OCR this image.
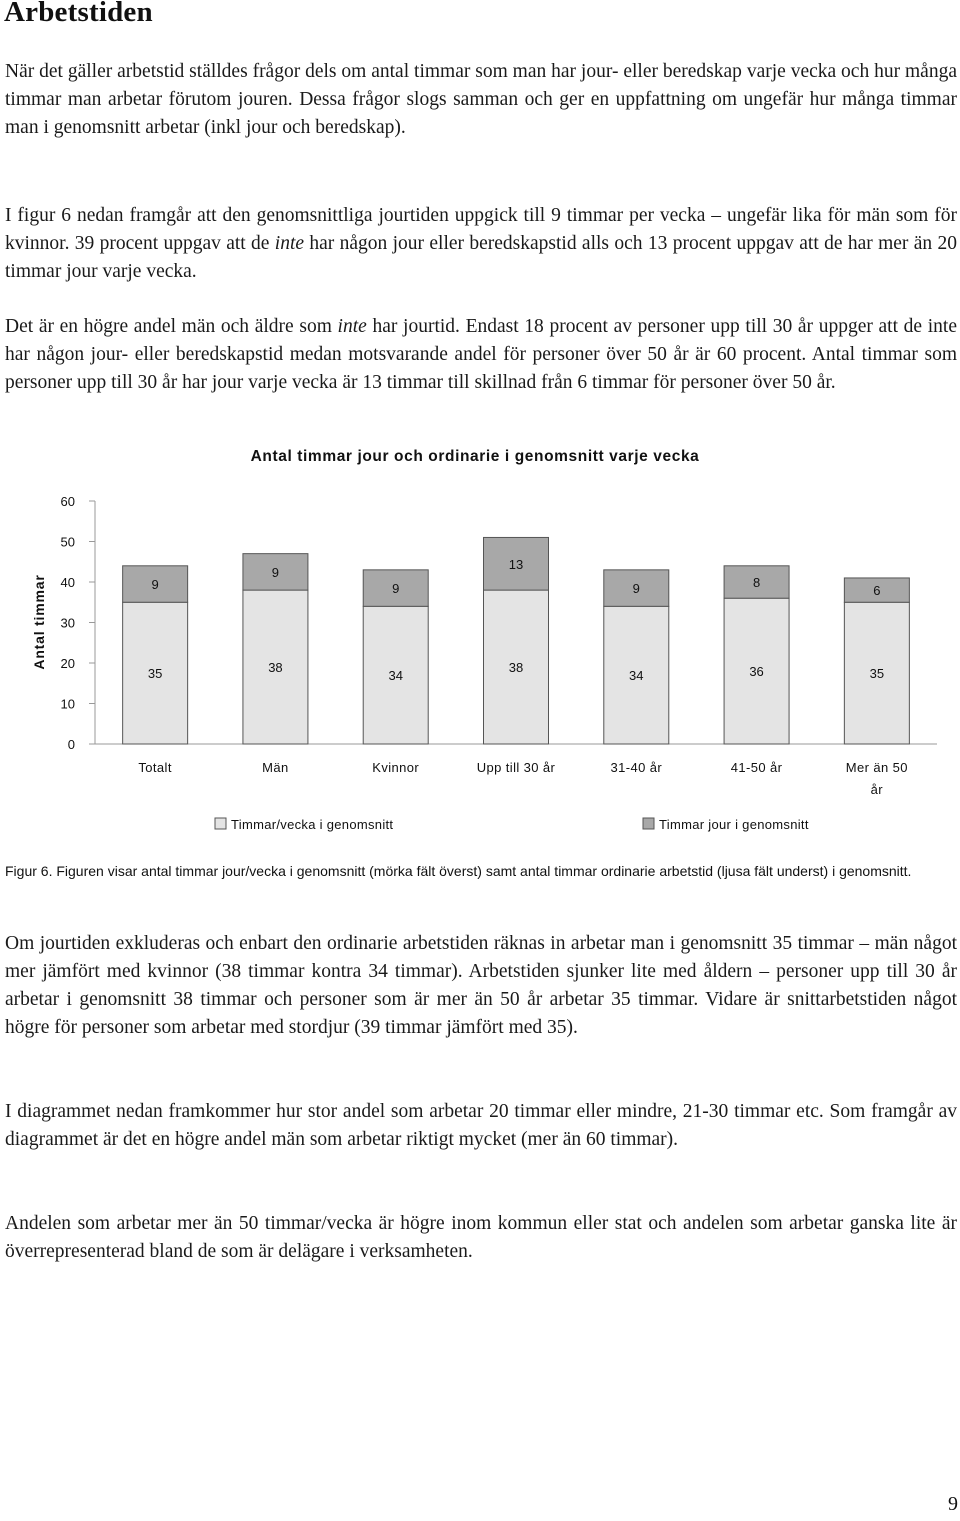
Arbetstiden

När det gäller arbetstid ställdes frågor dels om antal timmar som man har jour- eller beredskap varje vecka och hur många timmar man arbetar förutom jouren. Dessa frågor slogs samman och ger en uppfattning om ungefär hur många timmar man i genomsnitt arbetar (inkl jour och beredskap).

I figur 6 nedan framgår att den genomsnittliga jourtiden uppgick till 9 timmar per vecka – ungefär lika för män som för kvinnor. 39 procent uppgav att de inte har någon jour eller beredskapstid alls och 13 procent uppgav att de har mer än 20 timmar jour varje vecka.

Det är en högre andel män och äldre som inte har jourtid. Endast 18 procent av personer upp till 30 år uppger att de inte har någon jour- eller beredskapstid medan motsvarande andel för personer över 50 år är 60 procent. Antal timmar som personer upp till 30 år har jour varje vecka är 13 timmar till skillnad från 6 timmar för personer över 50 år.

Antal timmar jour och ordinarie i genomsnitt varje vecka
Antal timmar
0
10
20
30
40
50
60
35
9
Totalt
38
9
Män
34
9
Kvinnor
38
13
Upp till 30 år
34
9
31-40 år
36
8
41-50 år
35
6
Mer än 50
år
Timmar/vecka i genomsnitt	Timmar jour i genomsnitt

Figur 6. Figuren visar antal timmar jour/vecka i genomsnitt (mörka fält överst) samt antal timmar ordinarie arbetstid (ljusa fält underst) i genomsnitt.

Om jourtiden exkluderas och enbart den ordinarie arbetstiden räknas in arbetar man i genomsnitt 35 timmar – män något mer jämfört med kvinnor (38 timmar kontra 34 timmar). Arbetstiden sjunker lite med åldern – personer upp till 30 år arbetar i genomsnitt 38 timmar och personer som är mer än 50 år arbetar 35 timmar. Vidare är snittarbetstiden något högre för personer som arbetar med stordjur (39 timmar jämfört med 35).

I diagrammet nedan framkommer hur stor andel som arbetar 20 timmar eller mindre, 21-30 timmar etc. Som framgår av diagrammet är det en högre andel män som arbetar riktigt mycket (mer än 60 timmar).

Andelen som arbetar mer än 50 timmar/vecka är högre inom kommun eller stat och andelen som arbetar ganska lite är överrepresenterad bland de som är delägare i verksamheten.

9
